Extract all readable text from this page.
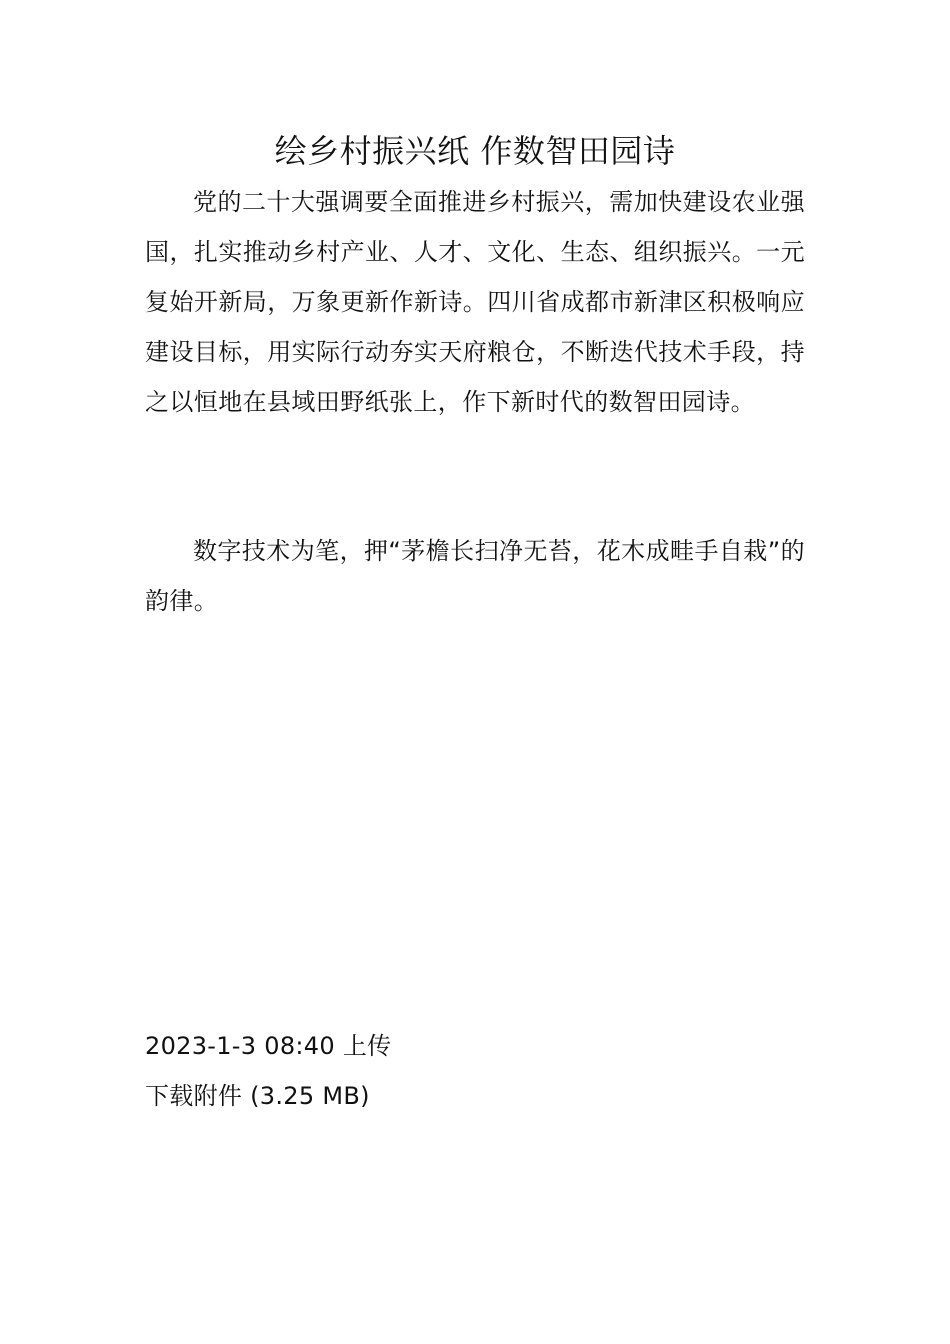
绘乡村振兴纸 作数智田园诗

党的二十大强调要全面推进乡村振兴，需加快建设农业强国，扎实推动乡村产业、人才、文化、生态、组织振兴。一元复始开新局，万象更新作新诗。四川省成都市新津区积极响应建设目标，用实际行动夯实天府粮仓，不断迭代技术手段，持之以恒地在县域田野纸张上，作下新时代的数智田园诗。

数字技术为笔，押“茅檐长扫净无苔，花木成畦手自栽”的韵律。

2023-1-3 08:40 上传

下载附件 (3.25 MB)
